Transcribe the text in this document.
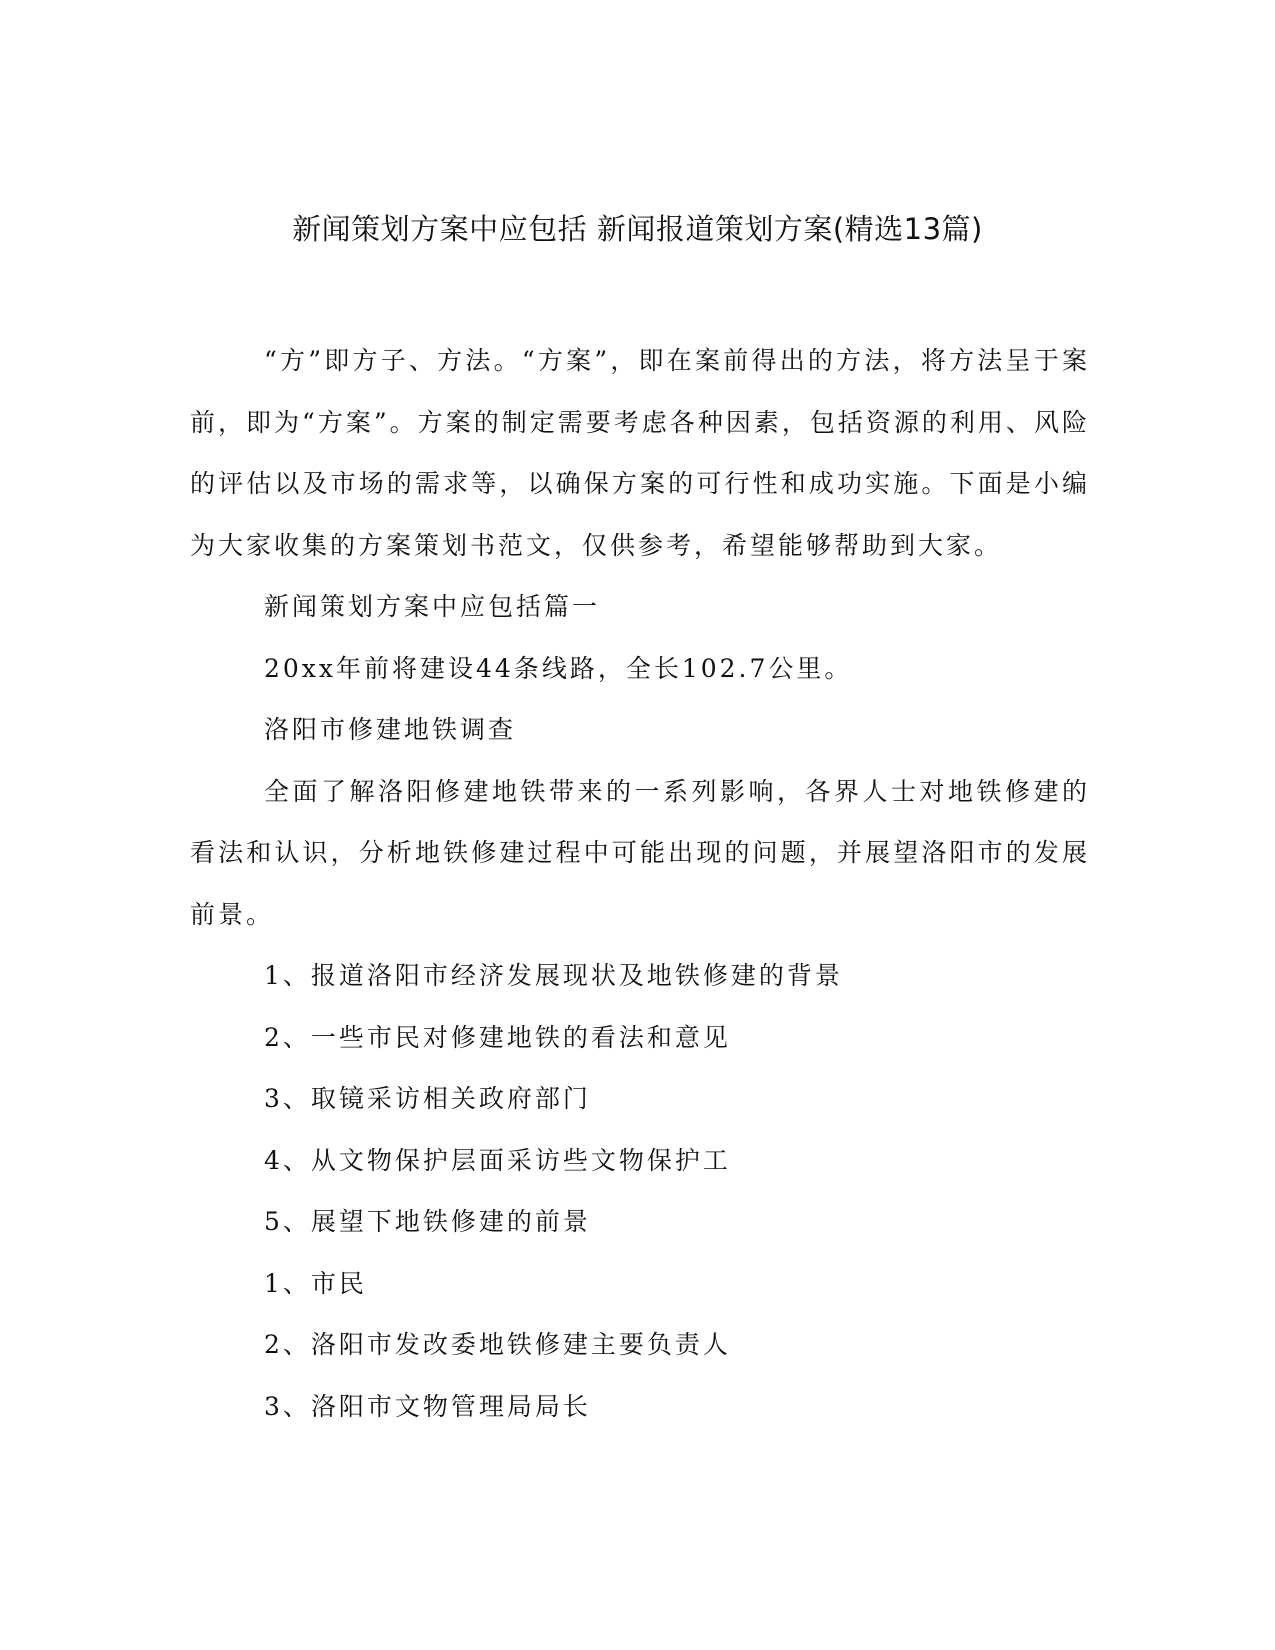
新闻策划方案中应包括 新闻报道策划方案(精选13篇)

“方”即方子、方法。“方案”，即在案前得出的方法，将方法呈于案前，即为“方案”。方案的制定需要考虑各种因素，包括资源的利用、风险的评估以及市场的需求等，以确保方案的可行性和成功实施。下面是小编为大家收集的方案策划书范文，仅供参考，希望能够帮助到大家。

新闻策划方案中应包括篇一

20xx年前将建设44条线路，全长102.7公里。

洛阳市修建地铁调查

全面了解洛阳修建地铁带来的一系列影响，各界人士对地铁修建的看法和认识，分析地铁修建过程中可能出现的问题，并展望洛阳市的发展前景。

1、报道洛阳市经济发展现状及地铁修建的背景

2、一些市民对修建地铁的看法和意见

3、取镜采访相关政府部门

4、从文物保护层面采访些文物保护工

5、展望下地铁修建的前景

1、市民

2、洛阳市发改委地铁修建主要负责人

3、洛阳市文物管理局局长
